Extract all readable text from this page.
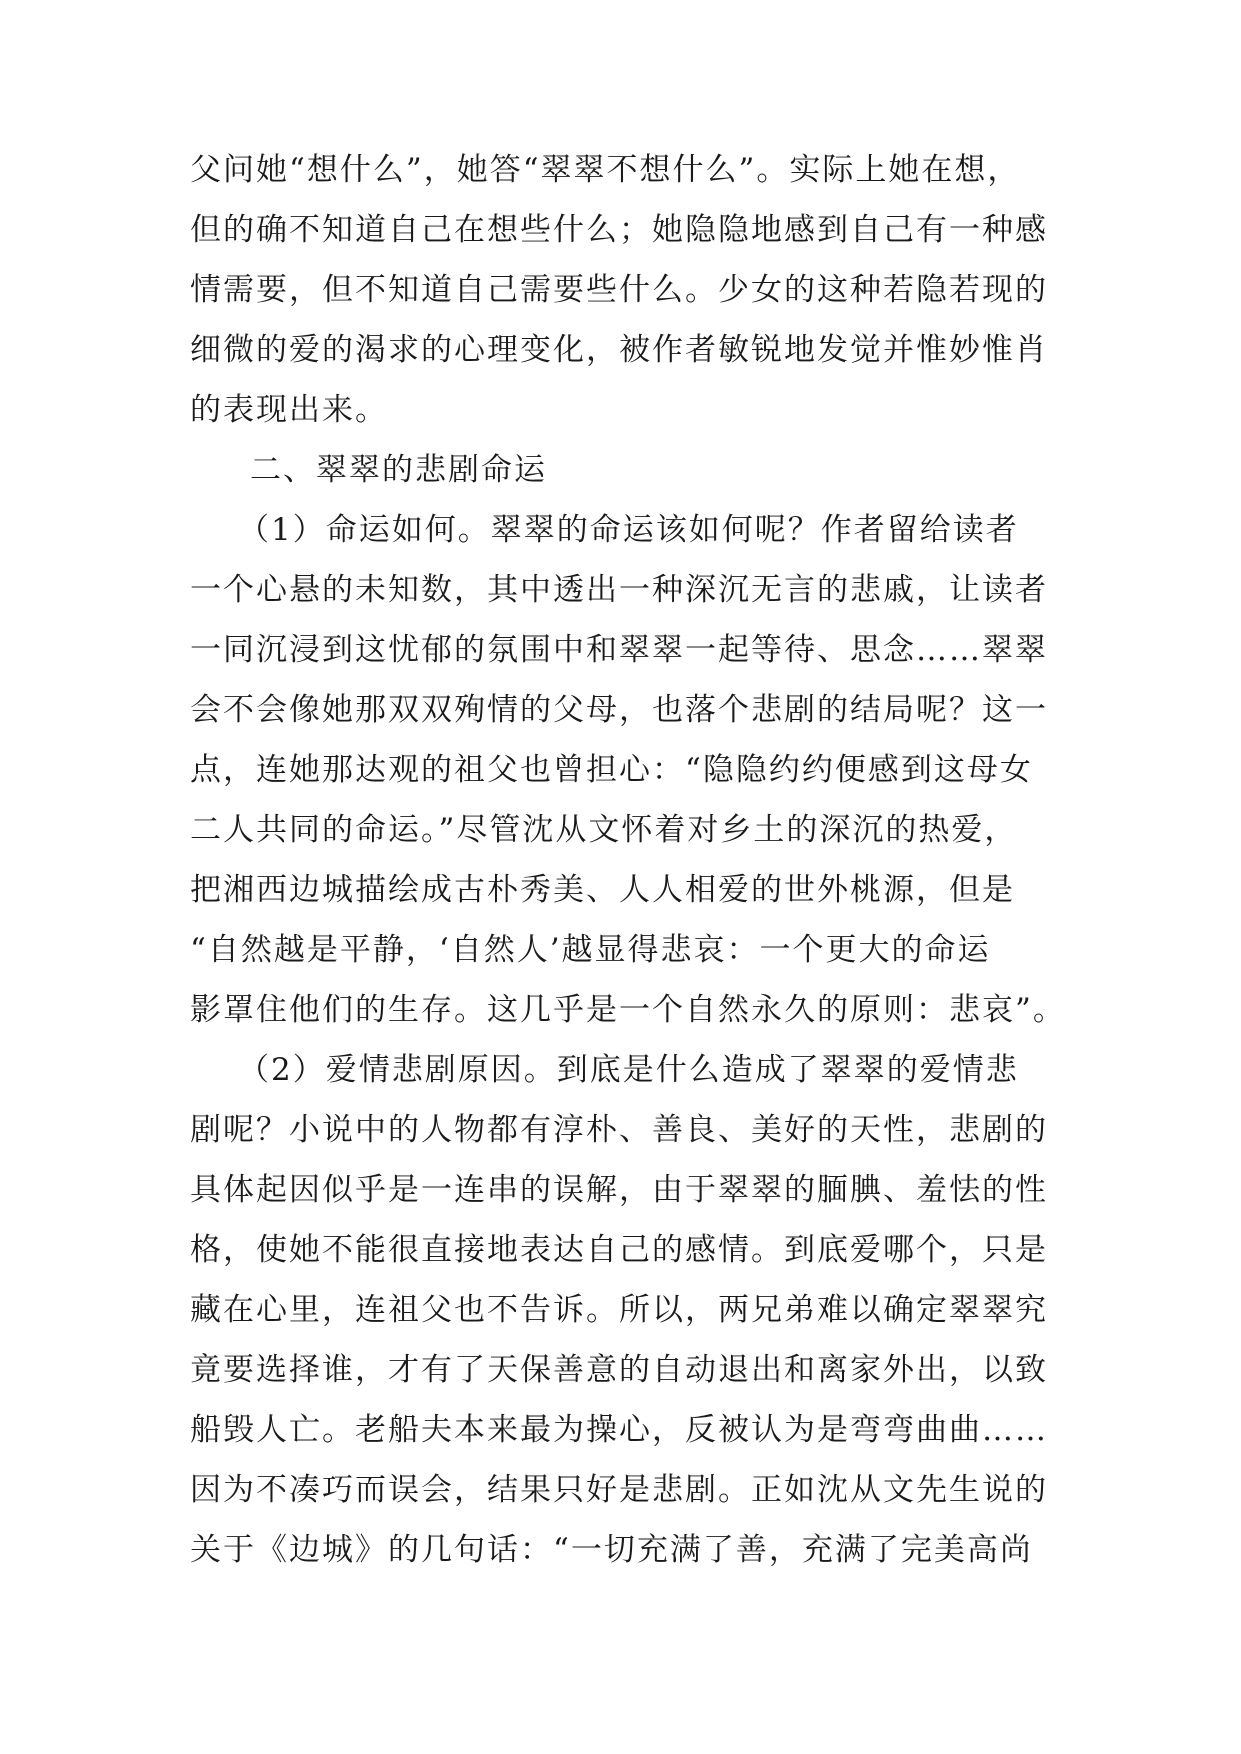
父问她“想什么”，她答“翠翠不想什么”。实际上她在想，
但的确不知道自己在想些什么；她隐隐地感到自己有一种感
情需要，但不知道自己需要些什么。少女的这种若隐若现的
细微的爱的渴求的心理变化，被作者敏锐地发觉并惟妙惟肖
的表现出来。
二、翠翠的悲剧命运
（1）命运如何。翠翠的命运该如何呢？作者留给读者
一个心悬的未知数，其中透出一种深沉无言的悲戚，让读者
一同沉浸到这忧郁的氛围中和翠翠一起等待、思念……翠翠
会不会像她那双双殉情的父母，也落个悲剧的结局呢？这一
点，连她那达观的祖父也曾担心：“隐隐约约便感到这母女
二人共同的命运。”尽管沈从文怀着对乡土的深沉的热爱，
把湘西边城描绘成古朴秀美、人人相爱的世外桃源，但是
“自然越是平静，‘自然人’越显得悲哀：一个更大的命运
影罩住他们的生存。这几乎是一个自然永久的原则：悲哀”。
（2）爱情悲剧原因。到底是什么造成了翠翠的爱情悲
剧呢？小说中的人物都有淳朴、善良、美好的天性，悲剧的
具体起因似乎是一连串的误解，由于翠翠的腼腆、羞怯的性
格，使她不能很直接地表达自己的感情。到底爱哪个，只是
藏在心里，连祖父也不告诉。所以，两兄弟难以确定翠翠究
竟要选择谁，才有了天保善意的自动退出和离家外出，以致
船毁人亡。老船夫本来最为操心，反被认为是弯弯曲曲……
因为不凑巧而误会，结果只好是悲剧。正如沈从文先生说的
关于《边城》的几句话：“一切充满了善，充满了完美高尚
